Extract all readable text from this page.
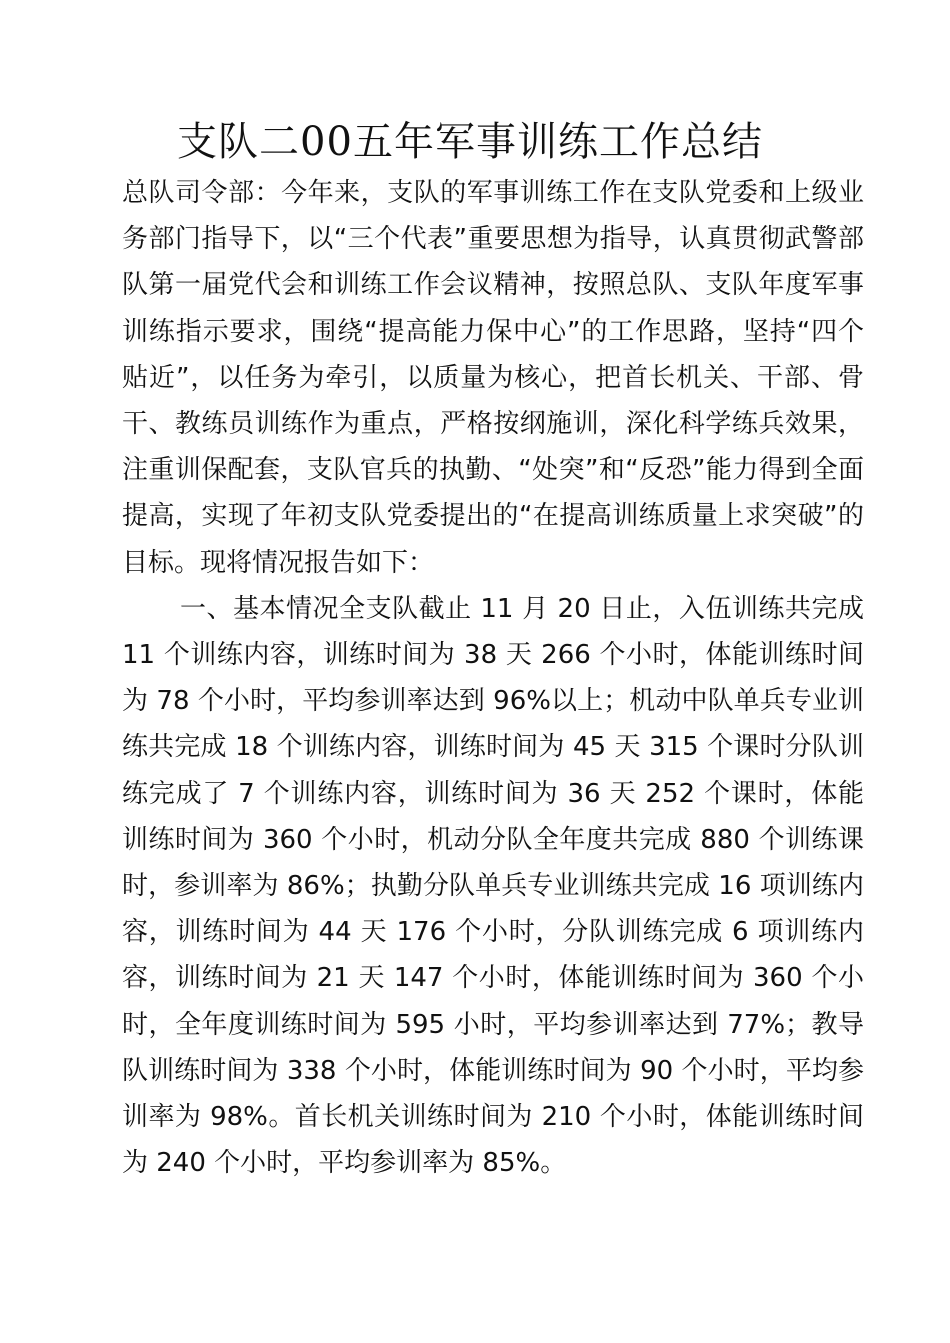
支队二00五年军事训练工作总结

总队司令部：今年来，支队的军事训练工作在支队党委和上级业务部门指导下，以“三个代表”重要思想为指导，认真贯彻武警部队第一届党代会和训练工作会议精神，按照总队、支队年度军事训练指示要求，围绕“提高能力保中心”的工作思路，坚持“四个贴近”，以任务为牵引，以质量为核心，把首长机关、干部、骨干、教练员训练作为重点，严格按纲施训，深化科学练兵效果，注重训保配套，支队官兵的执勤、“处突”和“反恐”能力得到全面提高，实现了年初支队党委提出的“在提高训练质量上求突破”的目标。现将情况报告如下：

一、基本情况全支队截止 11 月 20 日止，入伍训练共完成 11 个训练内容，训练时间为 38 天 266 个小时，体能训练时间为 78 个小时，平均参训率达到 96%以上；机动中队单兵专业训练共完成 18 个训练内容，训练时间为 45 天 315 个课时分队训练完成了 7 个训练内容，训练时间为 36 天 252 个课时，体能训练时间为 360 个小时，机动分队全年度共完成 880 个训练课时，参训率为 86%；执勤分队单兵专业训练共完成 16 项训练内容，训练时间为 44 天 176 个小时，分队训练完成 6 项训练内容，训练时间为 21 天 147 个小时，体能训练时间为 360 个小时，全年度训练时间为 595 小时，平均参训率达到 77%；教导队训练时间为 338 个小时，体能训练时间为 90 个小时，平均参训率为 98%。首长机关训练时间为 210 个小时，体能训练时间为 240 个小时，平均参训率为 85%。
